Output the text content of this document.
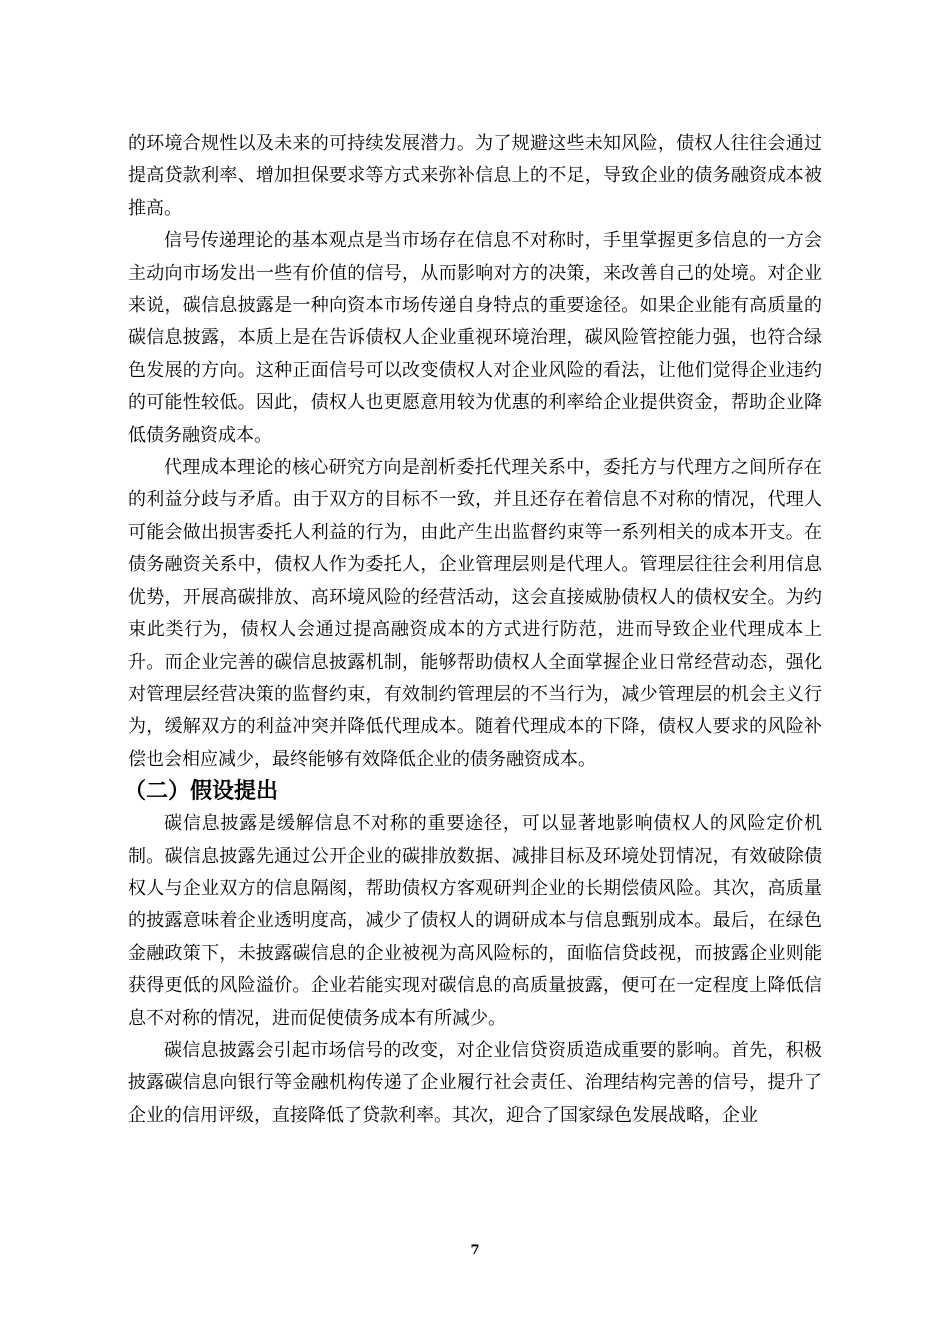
的环境合规性以及未来的可持续发展潜力。为了规避这些未知风险，债权人往往会通过提高贷款利率、增加担保要求等方式来弥补信息上的不足，导致企业的债务融资成本被推高。

信号传递理论的基本观点是当市场存在信息不对称时，手里掌握更多信息的一方会主动向市场发出一些有价值的信号，从而影响对方的决策，来改善自己的处境。对企业来说，碳信息披露是一种向资本市场传递自身特点的重要途径。如果企业能有高质量的碳信息披露，本质上是在告诉债权人企业重视环境治理，碳风险管控能力强，也符合绿色发展的方向。这种正面信号可以改变债权人对企业风险的看法，让他们觉得企业违约的可能性较低。因此，债权人也更愿意用较为优惠的利率给企业提供资金，帮助企业降低债务融资成本。

代理成本理论的核心研究方向是剖析委托代理关系中，委托方与代理方之间所存在的利益分歧与矛盾。由于双方的目标不一致，并且还存在着信息不对称的情况，代理人可能会做出损害委托人利益的行为，由此产生出监督约束等一系列相关的成本开支。在债务融资关系中，债权人作为委托人，企业管理层则是代理人。管理层往往会利用信息优势，开展高碳排放、高环境风险的经营活动，这会直接威胁债权人的债权安全。为约束此类行为，债权人会通过提高融资成本的方式进行防范，进而导致企业代理成本上升。而企业完善的碳信息披露机制，能够帮助债权人全面掌握企业日常经营动态，强化对管理层经营决策的监督约束，有效制约管理层的不当行为，减少管理层的机会主义行为，缓解双方的利益冲突并降低代理成本。随着代理成本的下降，债权人要求的风险补偿也会相应减少，最终能够有效降低企业的债务融资成本。

（二）假设提出

碳信息披露是缓解信息不对称的重要途径，可以显著地影响债权人的风险定价机制。碳信息披露先通过公开企业的碳排放数据、减排目标及环境处罚情况，有效破除债权人与企业双方的信息隔阂，帮助债权方客观研判企业的长期偿债风险。其次，高质量的披露意味着企业透明度高，减少了债权人的调研成本与信息甄别成本。最后，在绿色金融政策下，未披露碳信息的企业被视为高风险标的，面临信贷歧视，而披露企业则能获得更低的风险溢价。企业若能实现对碳信息的高质量披露，便可在一定程度上降低信息不对称的情况，进而促使债务成本有所减少。

碳信息披露会引起市场信号的改变，对企业信贷资质造成重要的影响。首先，积极披露碳信息向银行等金融机构传递了企业履行社会责任、治理结构完善的信号，提升了企业的信用评级，直接降低了贷款利率。其次，迎合了国家绿色发展战略，企业

7
